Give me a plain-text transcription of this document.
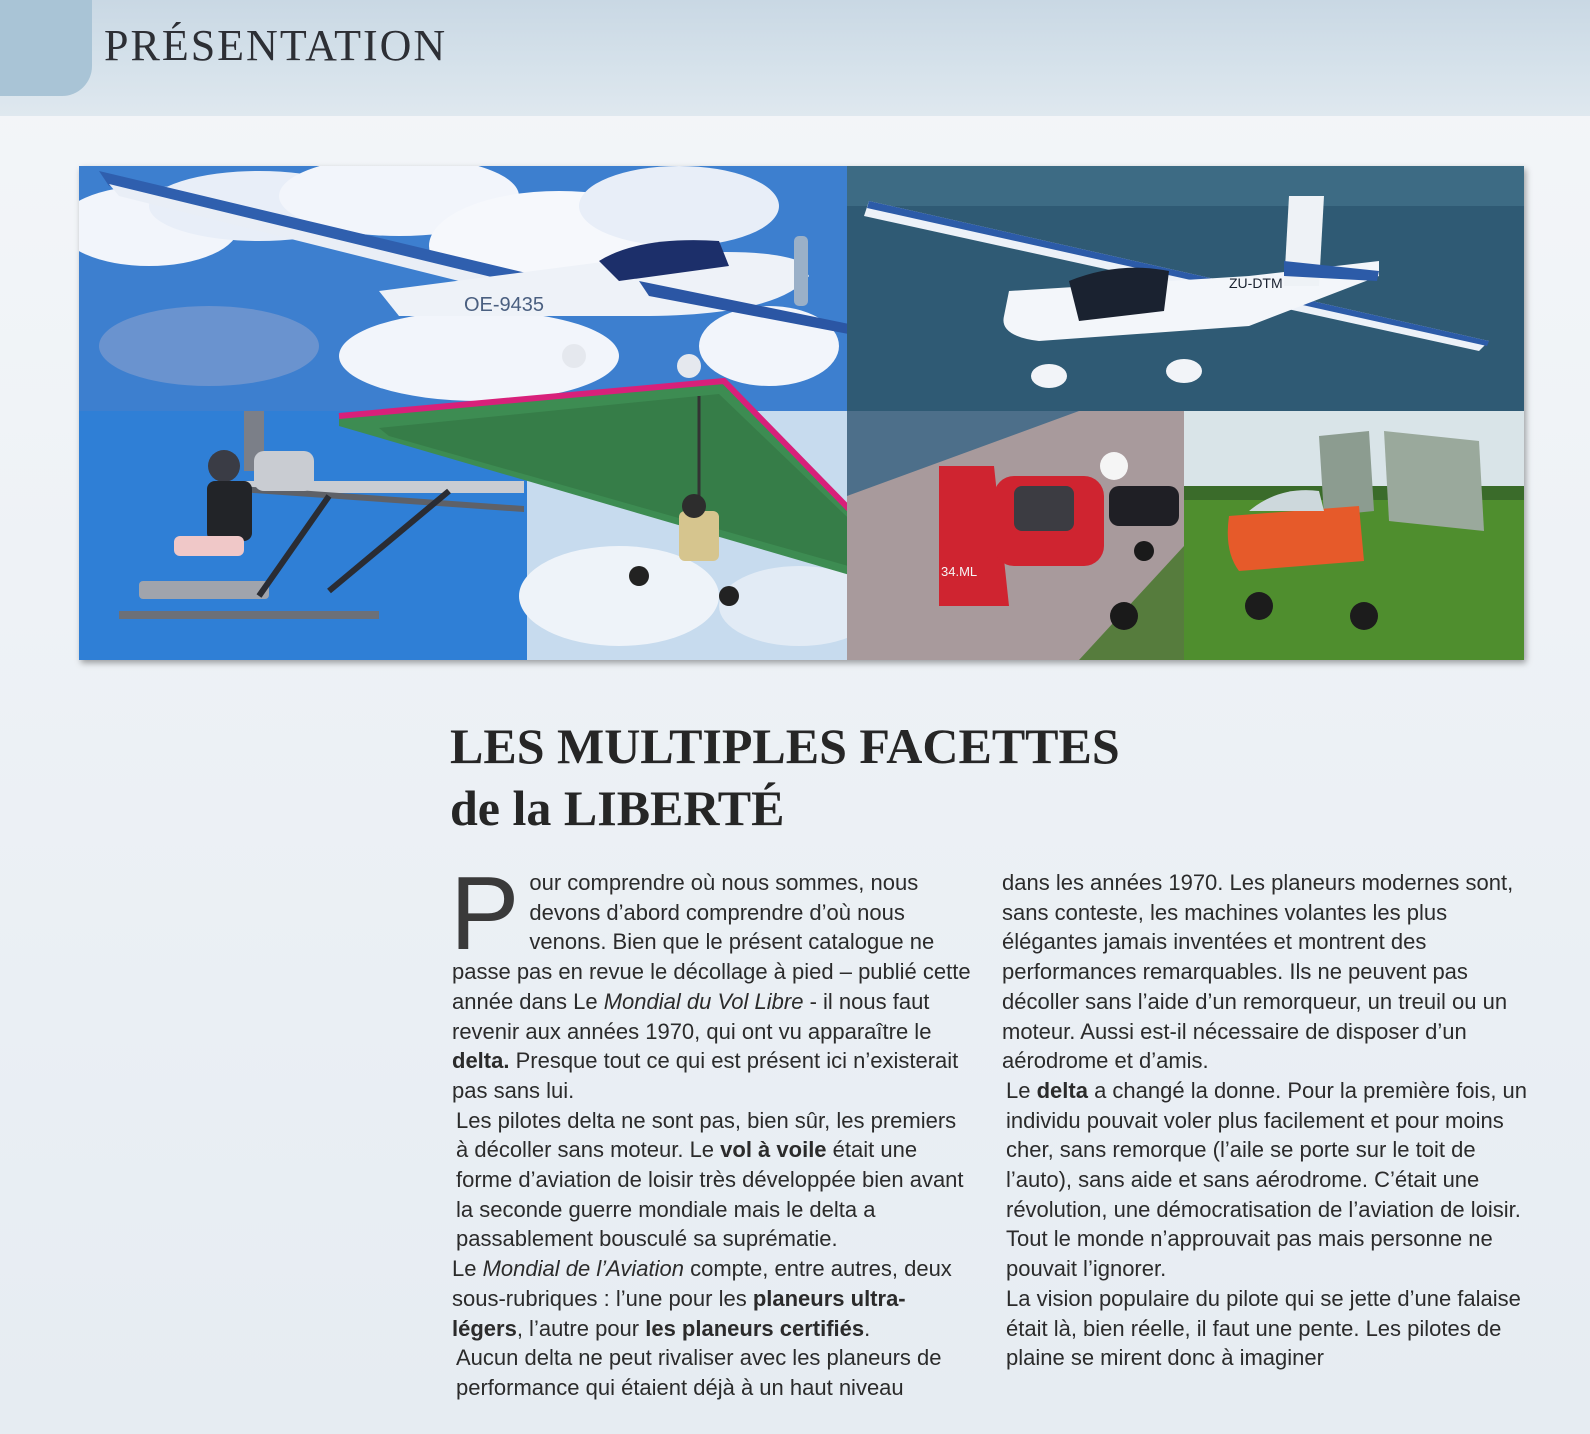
PRÉSENTATION
OE-9435
ZU-DTM
34.ML
LES MULTIPLES FACETTES
de la LIBERTÉ

Pour comprendre où nous sommes, nous devons d’abord comprendre d’où nous venons. Bien que le présent catalogue ne passe pas en revue le décollage à pied – publié cette année dans Le Mondial du Vol Libre - il nous faut revenir aux années 1970, qui ont vu apparaître le delta. Presque tout ce qui est présent ici n’existerait pas sans lui.

Les pilotes delta ne sont pas, bien sûr, les premiers à décoller sans moteur. Le vol à voile était une forme d’aviation de loisir très développée bien avant la seconde guerre mondiale mais le delta a passablement bousculé sa suprématie.

Le Mondial de l’Aviation compte, entre autres, deux sous-rubriques : l’une pour les planeurs ultra-légers, l’autre pour les planeurs certifiés.

Aucun delta ne peut rivaliser avec les planeurs de performance qui étaient déjà à un haut niveau

dans les années 1970. Les planeurs modernes sont, sans conteste, les machines volantes les plus élégantes jamais inventées et montrent des performances remarquables. Ils ne peuvent pas décoller sans l’aide d’un remorqueur, un treuil ou un moteur. Aussi est-il nécessaire de disposer d’un aérodrome et d’amis.

Le delta a changé la donne. Pour la première fois, un individu pouvait voler plus facilement et pour moins cher, sans remorque (l’aile se porte sur le toit de l’auto), sans aide et sans aérodrome. C’était une révolution, une démocratisation de l’aviation de loisir. Tout le monde n’approuvait pas mais personne ne pouvait l’ignorer.

La vision populaire du pilote qui se jette d’une falaise était là, bien réelle, il faut une pente. Les pilotes de plaine se mirent donc à imaginer
